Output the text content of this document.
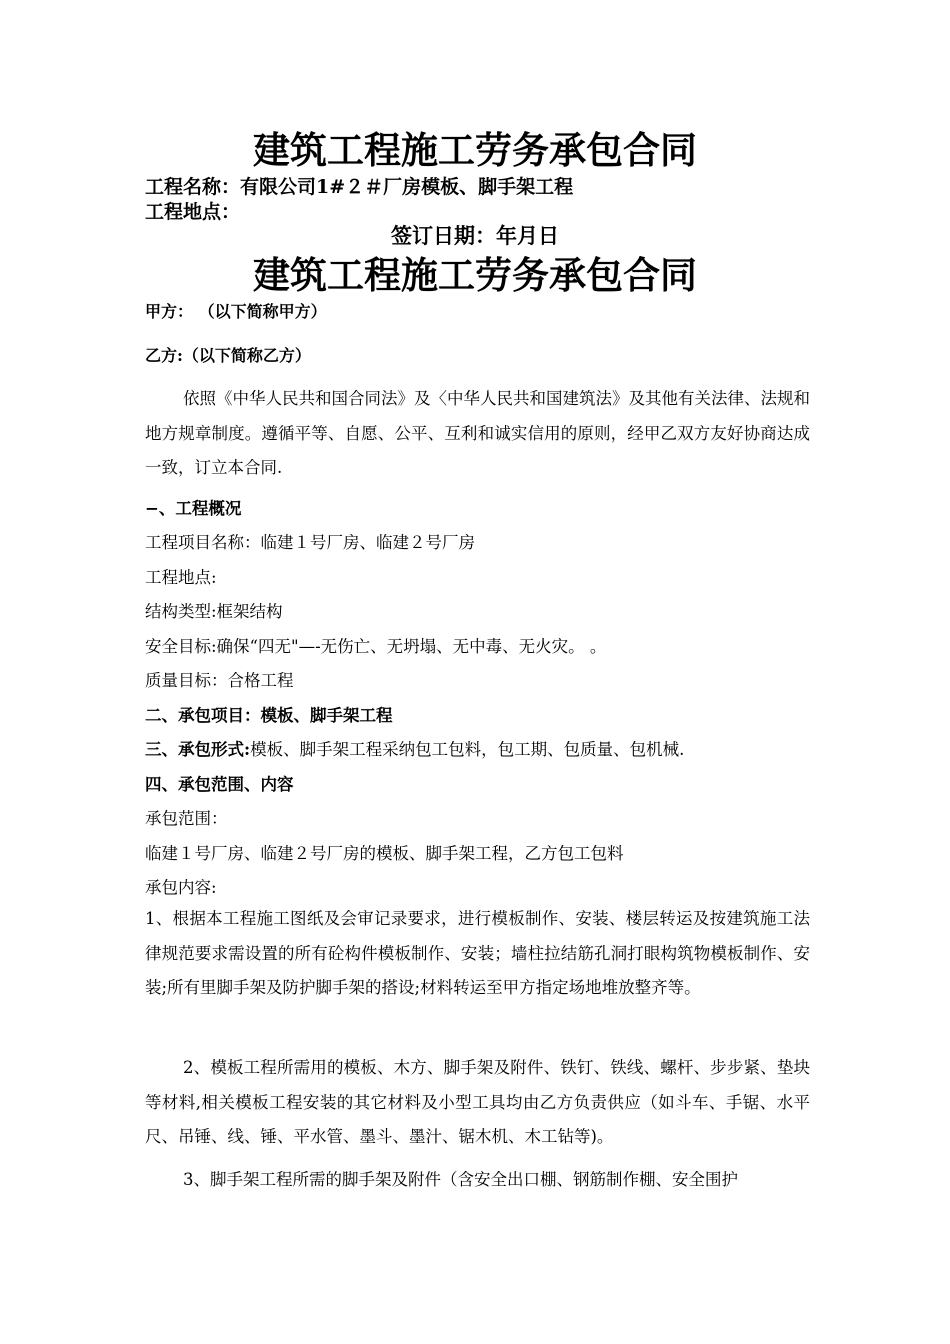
建筑工程施工劳务承包合同
工程名称：有限公司1#２＃厂房模板、脚手架工程
工程地点：
签订日期：年月日
建筑工程施工劳务承包合同
甲方： （以下简称甲方）
乙方:（以下简称乙方）
依照《中华人民共和国合同法》及〈中华人民共和国建筑法》及其他有关法律、法规和地方规章制度。遵循平等、自愿、公平、互利和诚实信用的原则，经甲乙双方友好协商达成一致，订立本合同.
−、工程概况
工程项目名称：临建１号厂房、临建２号厂房
工程地点:
结构类型:框架结构
安全目标:确保“四无"—-无伤亡、无坍塌、无中毒、无火灾。 。
质量目标：合格工程
二、承包项目：模板、脚手架工程
三、承包形式:模板、脚手架工程采纳包工包料，包工期、包质量、包机械.
四、承包范围、内容
承包范围：
临建１号厂房、临建２号厂房的模板、脚手架工程，乙方包工包料
承包内容:
1、根据本工程施工图纸及会审记录要求，进行模板制作、安装、楼层转运及按建筑施工法律规范要求需设置的所有砼构件模板制作、安装；墙柱拉结筋孔洞打眼构筑物模板制作、安装;所有里脚手架及防护脚手架的搭设;材料转运至甲方指定场地堆放整齐等。
2、模板工程所需用的模板、木方、脚手架及附件、铁钉、铁线、螺杆、步步紧、垫块等材料,相关模板工程安装的其它材料及小型工具均由乙方负责供应（如斗车、手锯、水平尺、吊锤、线、锤、平水管、墨斗、墨汁、锯木机、木工钻等)。
3、脚手架工程所需的脚手架及附件（含安全出口棚、钢筋制作棚、安全围护
